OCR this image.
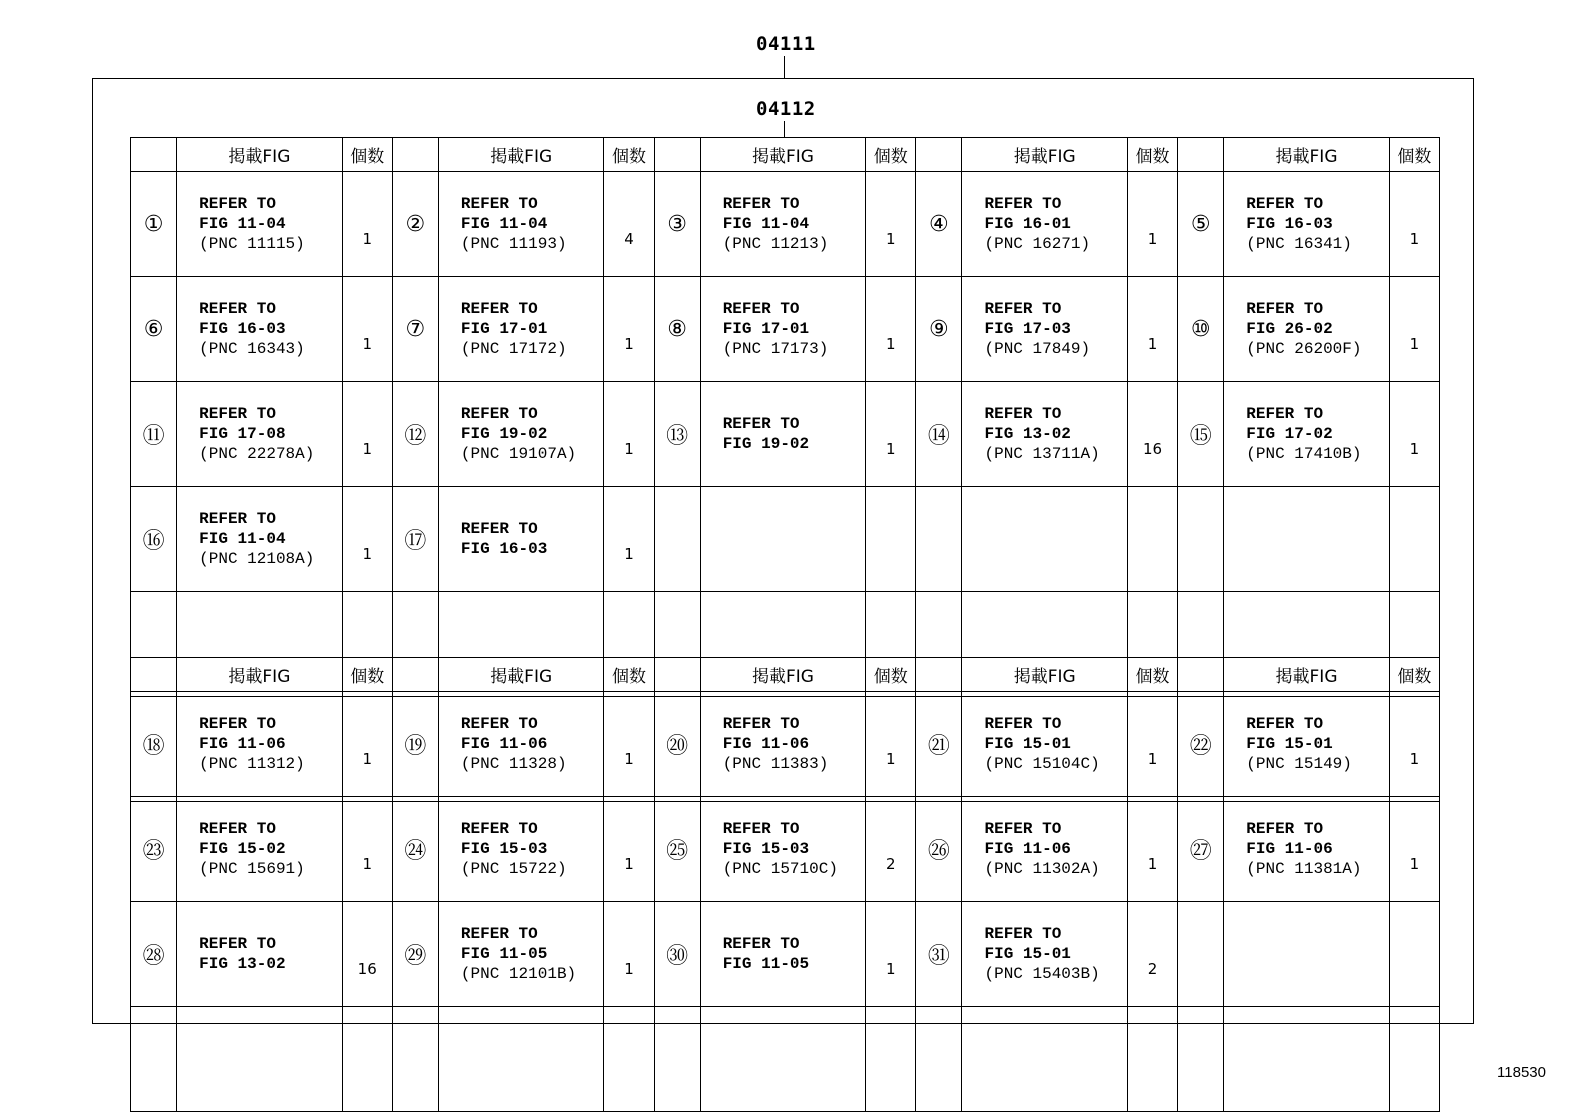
04111
04112
	掲載FIG	個数		掲載FIG	個数		掲載FIG	個数		掲載FIG	個数		掲載FIG	個数
①	REFER TO
FIG 11-04
(PNC 11115)	1	②	REFER TO
FIG 11-04
(PNC 11193)	4	③	REFER TO
FIG 11-04
(PNC 11213)	1	④	REFER TO
FIG 16-01
(PNC 16271)	1	⑤	REFER TO
FIG 16-03
(PNC 16341)	1
⑥	REFER TO
FIG 16-03
(PNC 16343)	1	⑦	REFER TO
FIG 17-01
(PNC 17172)	1	⑧	REFER TO
FIG 17-01
(PNC 17173)	1	⑨	REFER TO
FIG 17-03
(PNC 17849)	1	⑩	REFER TO
FIG 26-02
(PNC 26200F)	1
⑪	REFER TO
FIG 17-08
(PNC 22278A)	1	⑫	REFER TO
FIG 19-02
(PNC 19107A)	1	⑬	REFER TO
FIG 19-02	1	⑭	REFER TO
FIG 13-02
(PNC 13711A)	16	⑮	REFER TO
FIG 17-02
(PNC 17410B)	1
⑯	REFER TO
FIG 11-04
(PNC 12108A)	1	⑰	REFER TO
FIG 16-03	1		

	掲載FIG	個数		掲載FIG	個数		掲載FIG	個数		掲載FIG	個数		掲載FIG	個数
⑱	REFER TO
FIG 11-06
(PNC 11312)	1	⑲	REFER TO
FIG 11-06
(PNC 11328)	1	⑳	REFER TO
FIG 11-06
(PNC 11383)	1	㉑	REFER TO
FIG 15-01
(PNC 15104C)	1	㉒	REFER TO
FIG 15-01
(PNC 15149)	1
㉓	REFER TO
FIG 15-02
(PNC 15691)	1	㉔	REFER TO
FIG 15-03
(PNC 15722)	1	㉕	REFER TO
FIG 15-03
(PNC 15710C)	2	㉖	REFER TO
FIG 11-06
(PNC 11302A)	1	㉗	REFER TO
FIG 11-06
(PNC 11381A)	1
㉘	REFER TO
FIG 13-02	16	㉙	REFER TO
FIG 11-05
(PNC 12101B)	1	㉚	REFER TO
FIG 11-05	1	㉛	REFER TO
FIG 15-01
(PNC 15403B)	2		

118530
